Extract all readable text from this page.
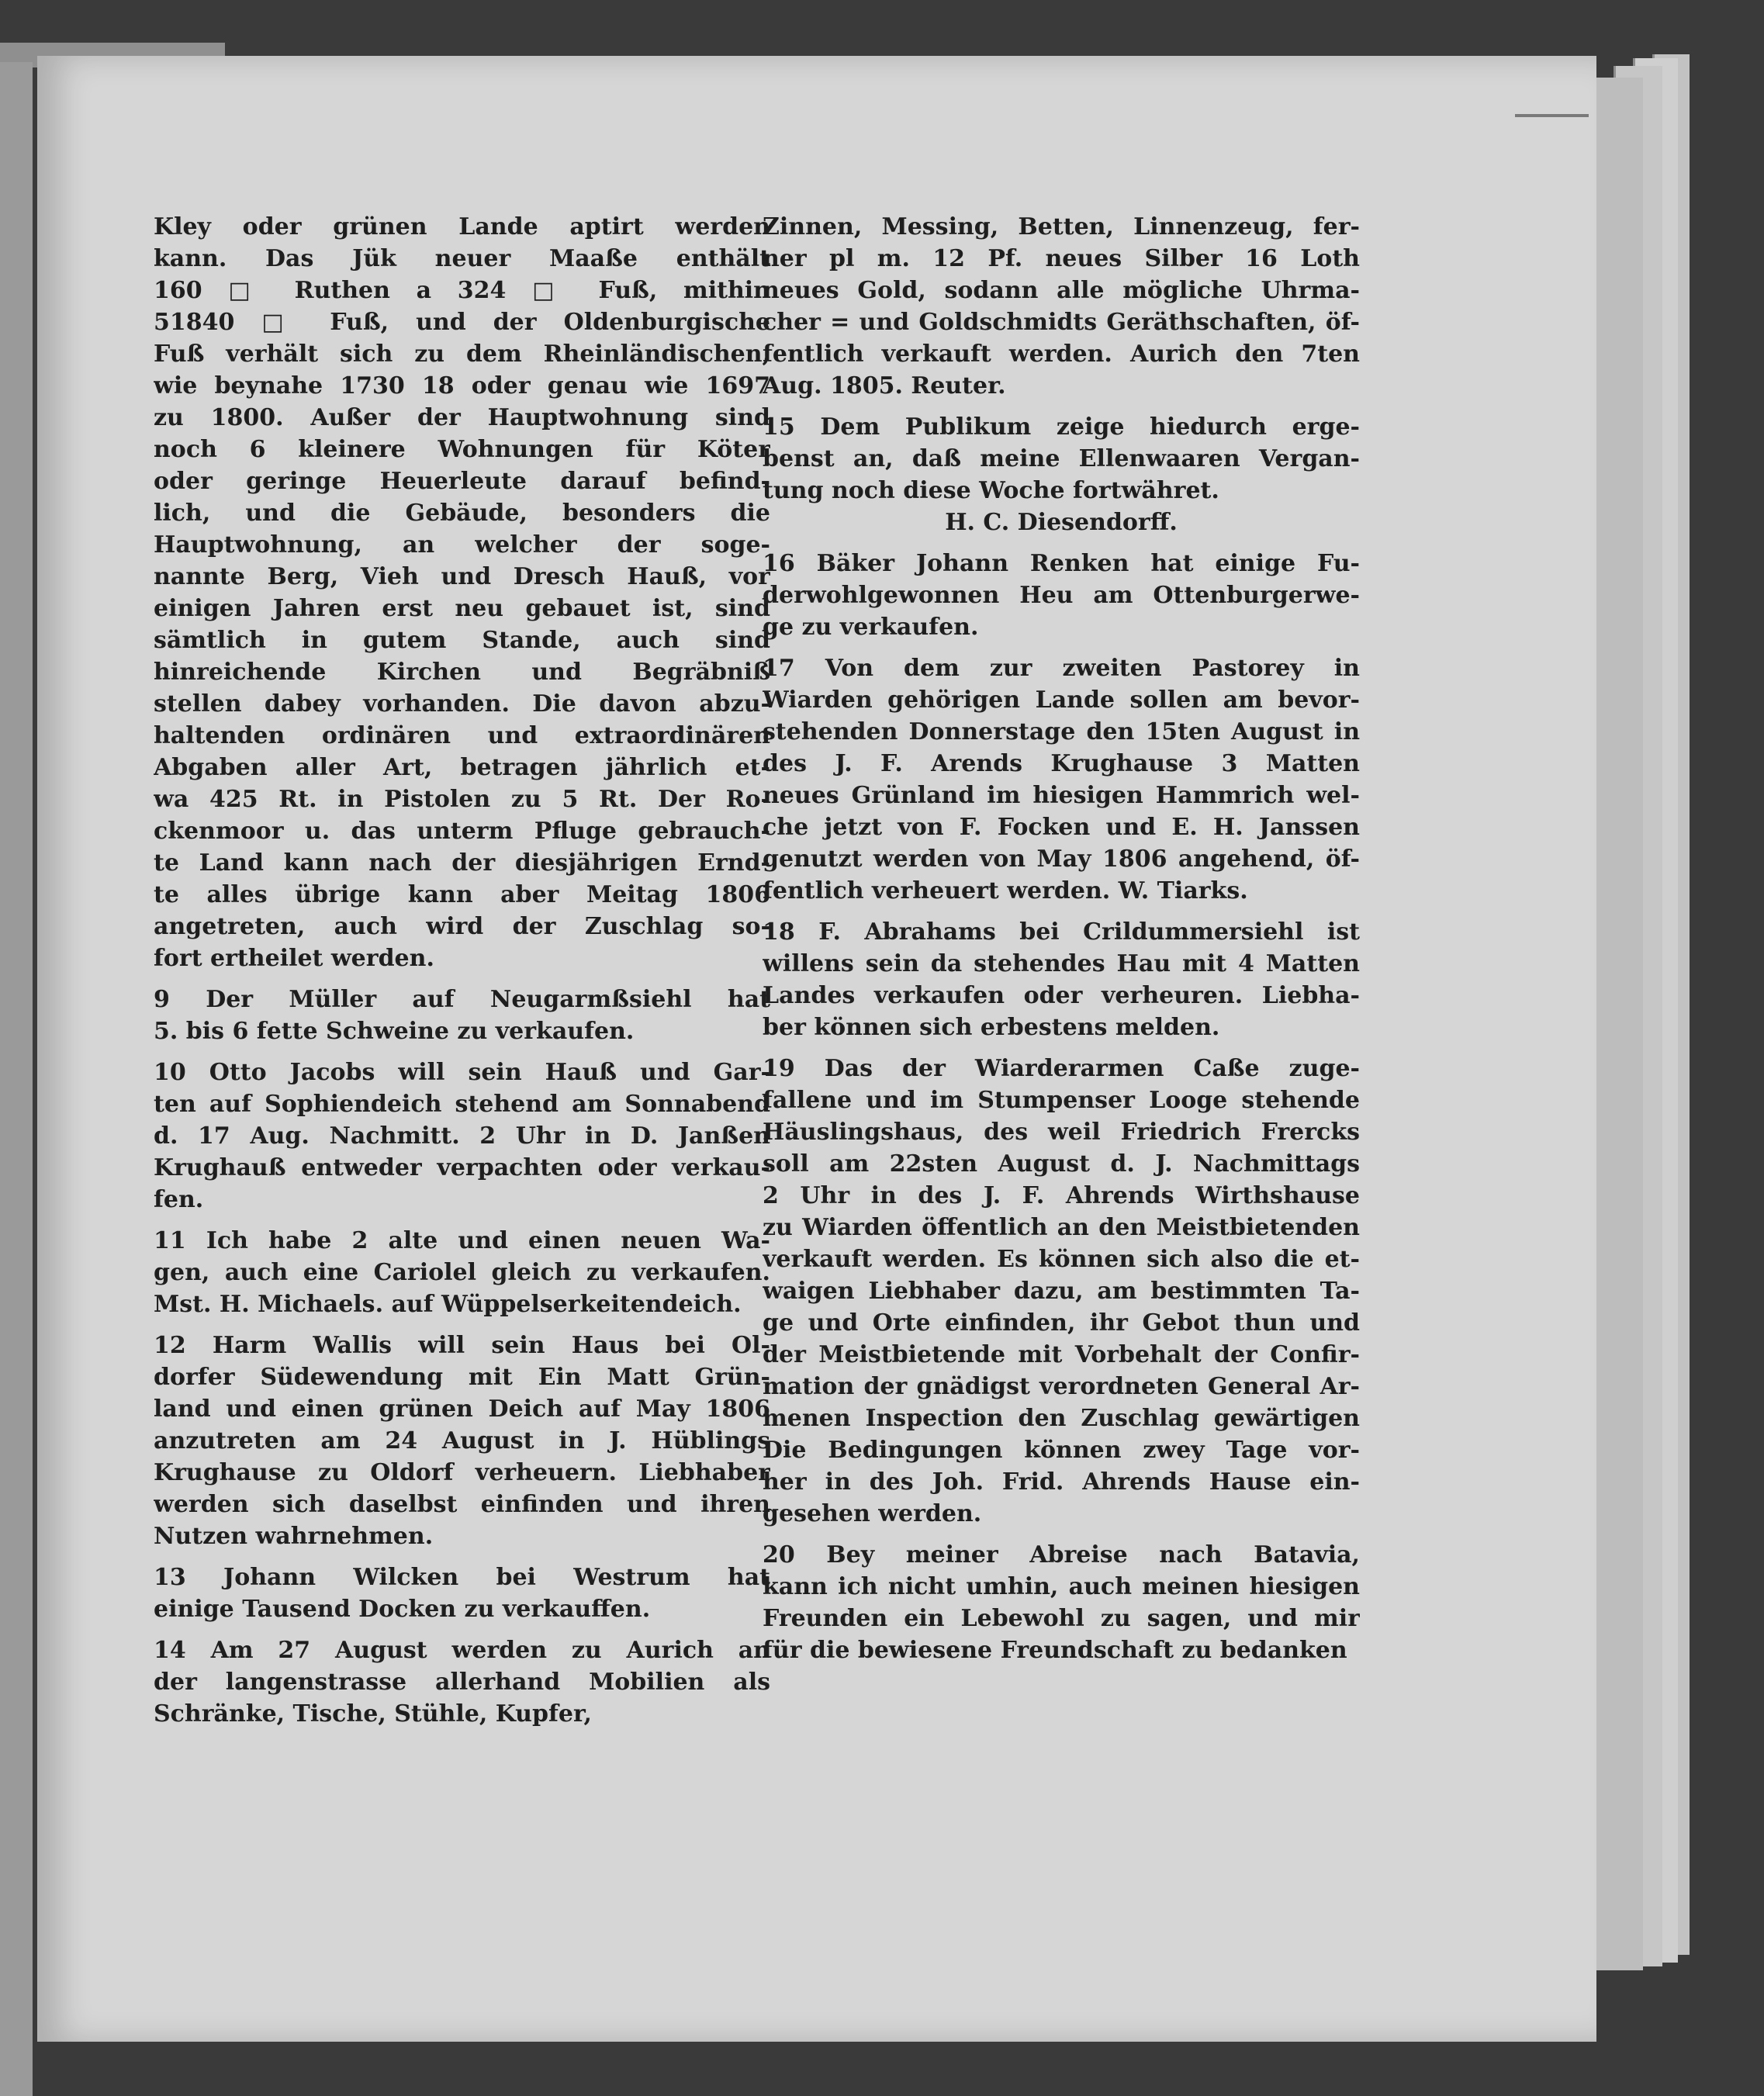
Kley oder grünen Lande aptirt werden
kann. Das Jük neuer Maaße enthält
160 □ Ruthen a 324 □ Fuß, mithin
51840 □ Fuß, und der Oldenburgische
Fuß verhält sich zu dem Rheinländischen,
wie beynahe 1730 18 oder genau wie 1697
zu 1800. Außer der Hauptwohnung sind
noch 6 kleinere Wohnungen für Köter
oder geringe Heuerleute darauf befind-
lich, und die Gebäude, besonders die
Hauptwohnung, an welcher der soge-
nannte Berg, Vieh und Dresch Hauß, vor
einigen Jahren erst neu gebauet ist, sind
sämtlich in gutem Stande, auch sind
hinreichende Kirchen und Begräbniß
stellen dabey vorhanden. Die davon abzu-
haltenden ordinären und extraordinären
Abgaben aller Art, betragen jährlich et-
wa 425 Rt. in Pistolen zu 5 Rt. Der Ro-
ckenmoor u. das unterm Pfluge gebrauch-
te Land kann nach der diesjährigen Ernd-
te alles übrige kann aber Meitag 1806
angetreten, auch wird der Zuschlag so-
fort ertheilet werden.
9 Der Müller auf Neugarmßsiehl hat
5. bis 6 fette Schweine zu verkaufen.
10 Otto Jacobs will sein Hauß und Gar-
ten auf Sophiendeich stehend am Sonnabend
d. 17 Aug. Nachmitt. 2 Uhr in D. Janßen
Krughauß entweder verpachten oder verkau-
fen.
11 Ich habe 2 alte und einen neuen Wa-
gen, auch eine Cariolel gleich zu verkaufen.
Mst. H. Michaels. auf Wüppelserkeitendeich.
12 Harm Wallis will sein Haus bei Ol-
dorfer Südewendung mit Ein Matt Grün-
land und einen grünen Deich auf May 1806
anzutreten am 24 August in J. Hüblings
Krughause zu Oldorf verheuern. Liebhaber
werden sich daselbst einfinden und ihren
Nutzen wahrnehmen.
13 Johann Wilcken bei Westrum hat
einige Tausend Docken zu verkauffen.
14 Am 27 August werden zu Aurich an
der langenstrasse allerhand Mobilien als
Schränke, Tische, Stühle, Kupfer,
Zinnen, Messing, Betten, Linnenzeug, fer-
ner pl m. 12 Pf. neues Silber 16 Loth
neues Gold, sodann alle mögliche Uhrma-
cher = und Goldschmidts Geräthschaften, öf-
fentlich verkauft werden. Aurich den 7ten
Aug. 1805. Reuter.
15 Dem Publikum zeige hiedurch erge-
benst an, daß meine Ellenwaaren Vergan-
tung noch diese Woche fortwähret.
H. C. Diesendorff.
16 Bäker Johann Renken hat einige Fu-
derwohlgewonnen Heu am Ottenburgerwe-
ge zu verkaufen.
17 Von dem zur zweiten Pastorey in
Wiarden gehörigen Lande sollen am bevor-
stehenden Donnerstage den 15ten August in
des J. F. Arends Krughause 3 Matten
neues Grünland im hiesigen Hammrich wel-
che jetzt von F. Focken und E. H. Janssen
genutzt werden von May 1806 angehend, öf-
fentlich verheuert werden. W. Tiarks.
18 F. Abrahams bei Crildummersiehl ist
willens sein da stehendes Hau mit 4 Matten
Landes verkaufen oder verheuren. Liebha-
ber können sich erbestens melden.
19 Das der Wiarderarmen Caße zuge-
fallene und im Stumpenser Looge stehende
Häuslingshaus, des weil Friedrich Frercks
soll am 22sten August d. J. Nachmittags
2 Uhr in des J. F. Ahrends Wirthshause
zu Wiarden öffentlich an den Meistbietenden
verkauft werden. Es können sich also die et-
waigen Liebhaber dazu, am bestimmten Ta-
ge und Orte einfinden, ihr Gebot thun und
der Meistbietende mit Vorbehalt der Confir-
mation der gnädigst verordneten General Ar-
menen Inspection den Zuschlag gewärtigen
Die Bedingungen können zwey Tage vor-
her in des Joh. Frid. Ahrends Hause ein-
gesehen werden.
20 Bey meiner Abreise nach Batavia,
kann ich nicht umhin, auch meinen hiesigen
Freunden ein Lebewohl zu sagen, und mir
für die bewiesene Freundschaft zu bedanken
